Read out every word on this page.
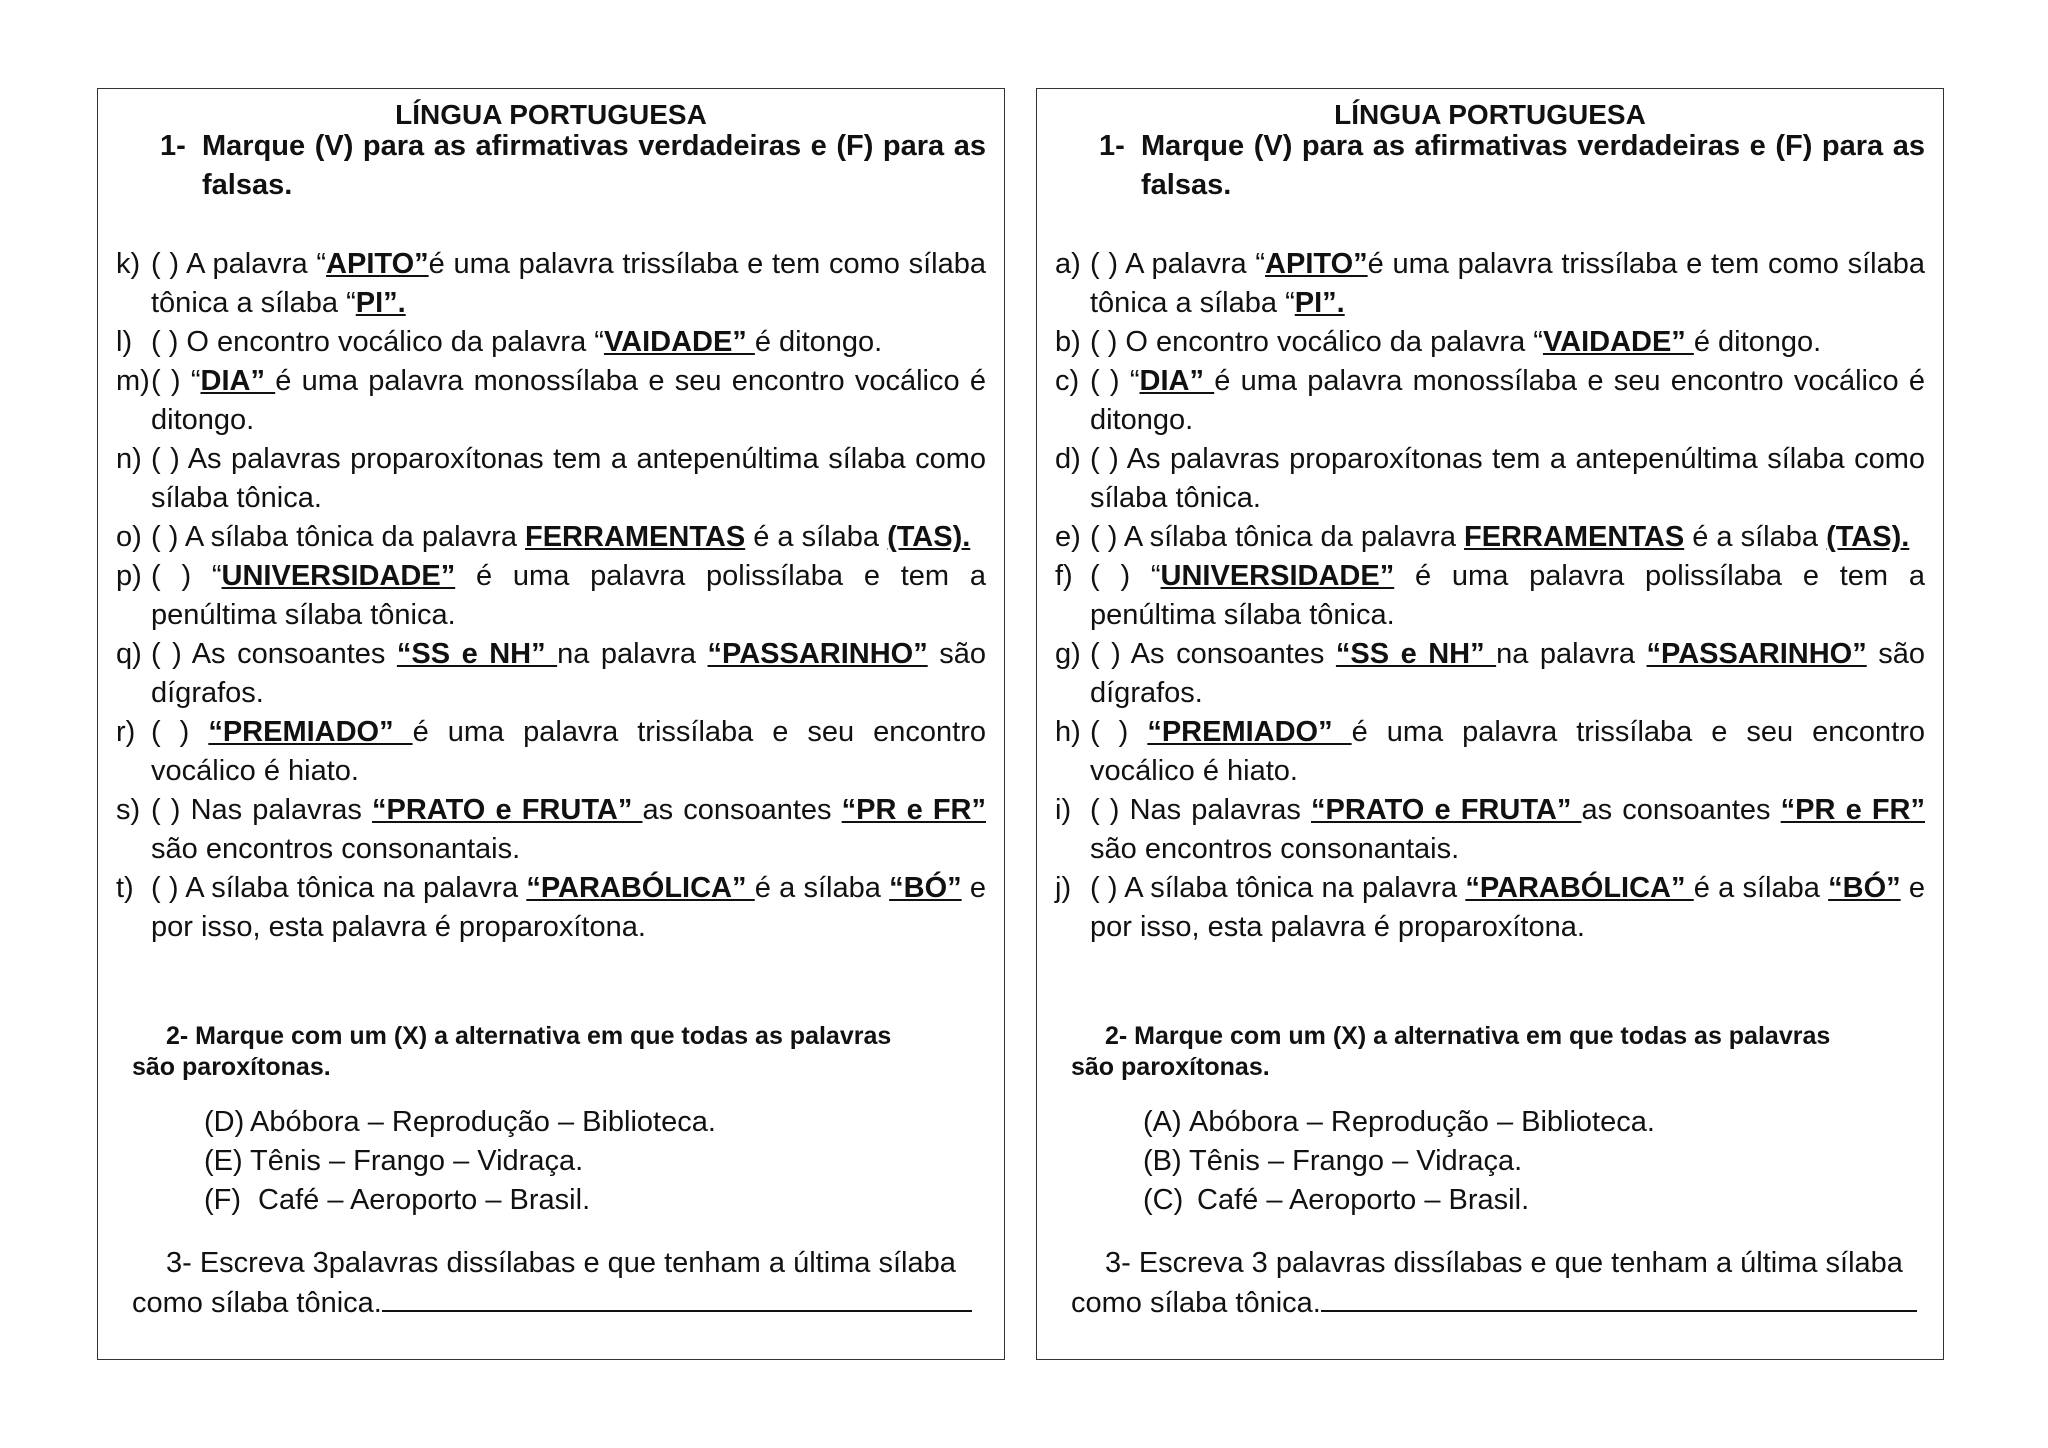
LÍNGUA PORTUGUESA
1- Marque (V) para as afirmativas verdadeiras e (F) para as falsas.
k) ( ) A palavra “APITO”é uma palavra trissílaba e tem como sílaba tônica a sílaba “PI”.
l) ( ) O encontro vocálico da palavra “VAIDADE” é ditongo.
m) ( ) “DIA” é uma palavra monossílaba e seu encontro vocálico é ditongo.
n) ( ) As palavras proparoxítonas tem a antepenúltima sílaba como sílaba tônica.
o) ( ) A sílaba tônica da palavra FERRAMENTAS é a sílaba (TAS).
p) ( ) “UNIVERSIDADE” é uma palavra polissílaba e tem a penúltima sílaba tônica.
q) ( ) As consoantes “SS e NH” na palavra “PASSARINHO” são dígrafos.
r) ( ) “PREMIADO” é uma palavra trissílaba e seu encontro vocálico é hiato.
s) ( ) Nas palavras “PRATO e FRUTA” as consoantes “PR e FR” são encontros consonantais.
t) ( ) A sílaba tônica na palavra “PARABÓLICA” é a sílaba “BÓ” e por isso, esta palavra é proparoxítona.
2- Marque com um (X) a alternativa em que todas as palavras
são paroxítonas.
(D) Abóbora – Reprodução – Biblioteca.
(E) Tênis – Frango – Vidraça.
(F) Café – Aeroporto – Brasil.
3- Escreva 3palavras dissílabas e que tenham a última sílaba
como sílaba tônica.
LÍNGUA PORTUGUESA
1- Marque (V) para as afirmativas verdadeiras e (F) para as falsas.
a) ( ) A palavra “APITO”é uma palavra trissílaba e tem como sílaba tônica a sílaba “PI”.
b) ( ) O encontro vocálico da palavra “VAIDADE” é ditongo.
c) ( ) “DIA” é uma palavra monossílaba e seu encontro vocálico é ditongo.
d) ( ) As palavras proparoxítonas tem a antepenúltima sílaba como sílaba tônica.
e) ( ) A sílaba tônica da palavra FERRAMENTAS é a sílaba (TAS).
f) ( ) “UNIVERSIDADE” é uma palavra polissílaba e tem a penúltima sílaba tônica.
g) ( ) As consoantes “SS e NH” na palavra “PASSARINHO” são dígrafos.
h) ( ) “PREMIADO” é uma palavra trissílaba e seu encontro vocálico é hiato.
i) ( ) Nas palavras “PRATO e FRUTA” as consoantes “PR e FR” são encontros consonantais.
j) ( ) A sílaba tônica na palavra “PARABÓLICA” é a sílaba “BÓ” e por isso, esta palavra é proparoxítona.
2- Marque com um (X) a alternativa em que todas as palavras
são paroxítonas.
(A) Abóbora – Reprodução – Biblioteca.
(B) Tênis – Frango – Vidraça.
(C) Café – Aeroporto – Brasil.
3- Escreva 3 palavras dissílabas e que tenham a última sílaba
como sílaba tônica.
